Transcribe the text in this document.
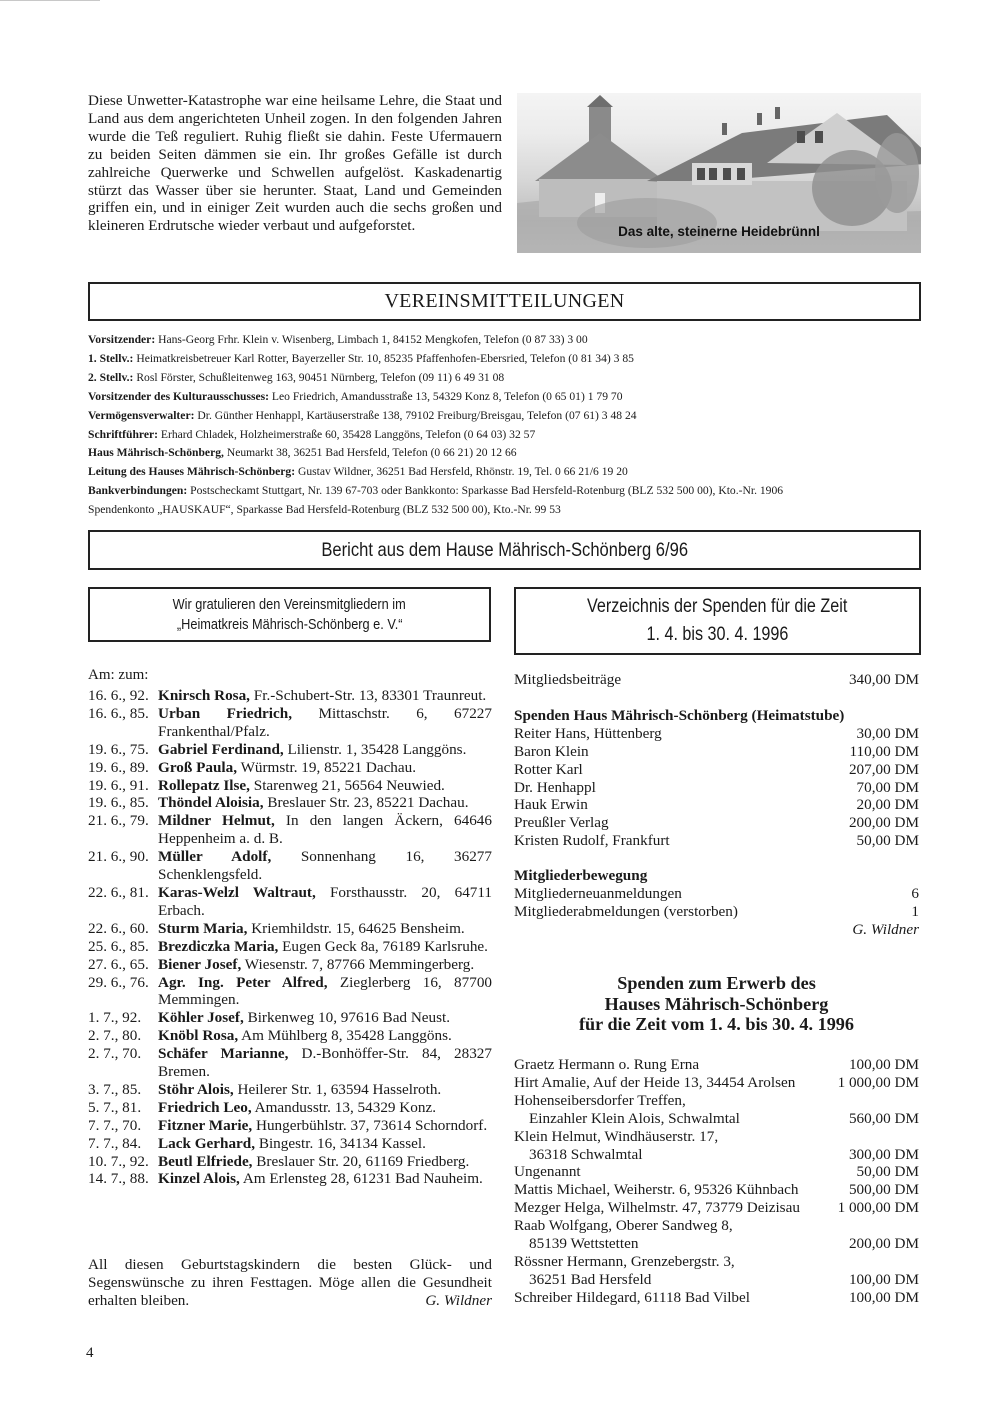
Diese Unwetter-Katastrophe war eine heilsame Lehre, die Staat und Land aus dem angerichteten Unheil zogen. In den folgenden Jahren wurde die Teß reguliert. Ruhig fließt sie dahin. Feste Ufermauern zu beiden Seiten dämmen sie ein. Ihr großes Gefälle ist durch zahlreiche Querwerke und Schwellen aufgelöst. Kaskadenartig stürzt das Wasser über sie herunter. Staat, Land und Gemeinden griffen ein, und in einiger Zeit wurden auch die sechs großen und kleineren Erdrutsche wieder verbaut und aufgeforstet.	Das alte, steinerne Heidebrünnl
VEREINSMITTEILUNGEN
Vorsitzender: Hans-Georg Frhr. Klein v. Wisenberg, Limbach 1, 84152 Mengkofen, Telefon (0 87 33) 3 00
1. Stellv.: Heimatkreisbetreuer Karl Rotter, Bayerzeller Str. 10, 85235 Pfaffenhofen-Ebersried, Telefon (0 81 34) 3 85
2. Stellv.: Rosl Förster, Schußleitenweg 163, 90451 Nürnberg, Telefon (09 11) 6 49 31 08
Vorsitzender des Kulturausschusses: Leo Friedrich, Amandusstraße 13, 54329 Konz 8, Telefon (0 65 01) 1 79 70
Vermögensverwalter: Dr. Günther Henhappl, Kartäuserstraße 138, 79102 Freiburg/Breisgau, Telefon (07 61) 3 48 24
Schriftführer: Erhard Chladek, Holzheimerstraße 60, 35428 Langgöns, Telefon (0 64 03) 32 57
Haus Mährisch-Schönberg, Neumarkt 38, 36251 Bad Hersfeld, Telefon (0 66 21) 20 12 66
Leitung des Hauses Mährisch-Schönberg: Gustav Wildner, 36251 Bad Hersfeld, Rhönstr. 19, Tel. 0 66 21/6 19 20
Bankverbindungen: Postscheckamt Stuttgart, Nr. 139 67-703 oder Bankkonto: Sparkasse Bad Hersfeld-Rotenburg (BLZ 532 500 00), Kto.-Nr. 1906
Spendenkonto „HAUSKAUF“, Sparkasse Bad Hersfeld-Rotenburg (BLZ 532 500 00), Kto.-Nr. 99 53
Bericht aus dem Hause Mährisch-Schönberg 6/96
Wir gratulieren den Vereinsmitgliedern im
„Heimatkreis Mährisch-Schönberg e. V.“
Verzeichnis der Spenden für die Zeit
1. 4. bis 30. 4. 1996
Am: zum:
16. 6., 92. Knirsch Rosa, Fr.-Schubert-Str. 13, 83301 Traunreut.
16. 6., 85. Urban Friedrich, Mittaschstr. 6, 67227 Frankenthal/Pfalz.
19. 6., 75. Gabriel Ferdinand, Lilienstr. 1, 35428 Langgöns.
19. 6., 89. Groß Paula, Würmstr. 19, 85221 Dachau.
19. 6., 91. Rollepatz Ilse, Starenweg 21, 56564 Neuwied.
19. 6., 85. Thöndel Aloisia, Breslauer Str. 23, 85221 Dachau.
21. 6., 79. Mildner Helmut, In den langen Äckern, 64646 Heppenheim a. d. B.
21. 6., 90. Müller Adolf, Sonnenhang 16, 36277 Schenklengsfeld.
22. 6., 81. Karas-Welzl Waltraut, Forsthausstr. 20, 64711 Erbach.
22. 6., 60. Sturm Maria, Kriemhildstr. 15, 64625 Bensheim.
25. 6., 85. Brezdiczka Maria, Eugen Geck 8a, 76189 Karlsruhe.
27. 6., 65. Biener Josef, Wiesenstr. 7, 87766 Memmingerberg.
29. 6., 76. Agr. Ing. Peter Alfred, Zieglerberg 16, 87700 Memmingen.
1. 7., 92.	Köhler Josef, Birkenweg 10, 97616 Bad Neust.
2. 7., 80.	Knöbl Rosa, Am Mühlberg 8, 35428 Langgöns.
2. 7., 70.	Schäfer Marianne, D.-Bonhöffer-Str. 84, 28327 Bremen.
3. 7., 85.	Stöhr Alois, Heilerer Str. 1, 63594 Hasselroth.
5. 7., 81.	Friedrich Leo, Amandusstr. 13, 54329 Konz.
7. 7., 70.	Fitzner Marie, Hungerbühlstr. 37, 73614 Schorndorf.
7. 7., 84.	Lack Gerhard, Bingestr. 16, 34134 Kassel.
10. 7., 92. Beutl Elfriede, Breslauer Str. 20, 61169 Friedberg.
14. 7., 88. Kinzel Alois, Am Erlensteg 28, 61231 Bad Nauheim.
All diesen Geburtstagskindern die besten Glück- und Segenswünsche zu ihren Festtagen. Möge allen die Gesundheit erhalten bleiben.	G. Wildner
Mitgliedsbeiträge	340,00 DM
Spenden Haus Mährisch-Schönberg (Heimatstube)
Reiter Hans, Hüttenberg	30,00 DM
Baron Klein	110,00 DM
Rotter Karl	207,00 DM
Dr. Henhappl	70,00 DM
Hauk Erwin	20,00 DM
Preußler Verlag	200,00 DM
Kristen Rudolf, Frankfurt	50,00 DM
Mitgliederbewegung
Mitgliederneuanmeldungen	6
Mitgliederabmeldungen (verstorben)	1
G. Wildner
Spenden zum Erwerb des
Hauses Mährisch-Schönberg
für die Zeit vom 1. 4. bis 30. 4. 1996
Graetz Hermann o. Rung Erna	100,00 DM
Hirt Amalie, Auf der Heide 13, 34454 Arolsen	1 000,00 DM
Hohenseibersdorfer Treffen,
Einzahler Klein Alois, Schwalmtal	560,00 DM
Klein Helmut, Windhäuserstr. 17,
36318 Schwalmtal	300,00 DM
Ungenannt	50,00 DM
Mattis Michael, Weiherstr. 6, 95326 Kühnbach	500,00 DM
Mezger Helga, Wilhelmstr. 47, 73779 Deizisau 1 000,00 DM
Raab Wolfgang, Oberer Sandweg 8,
85139 Wettstetten	200,00 DM
Rössner Hermann, Grenzebergstr. 3,
36251 Bad Hersfeld	100,00 DM
Schreiber Hildegard, 61118 Bad Vilbel	100,00 DM
4
